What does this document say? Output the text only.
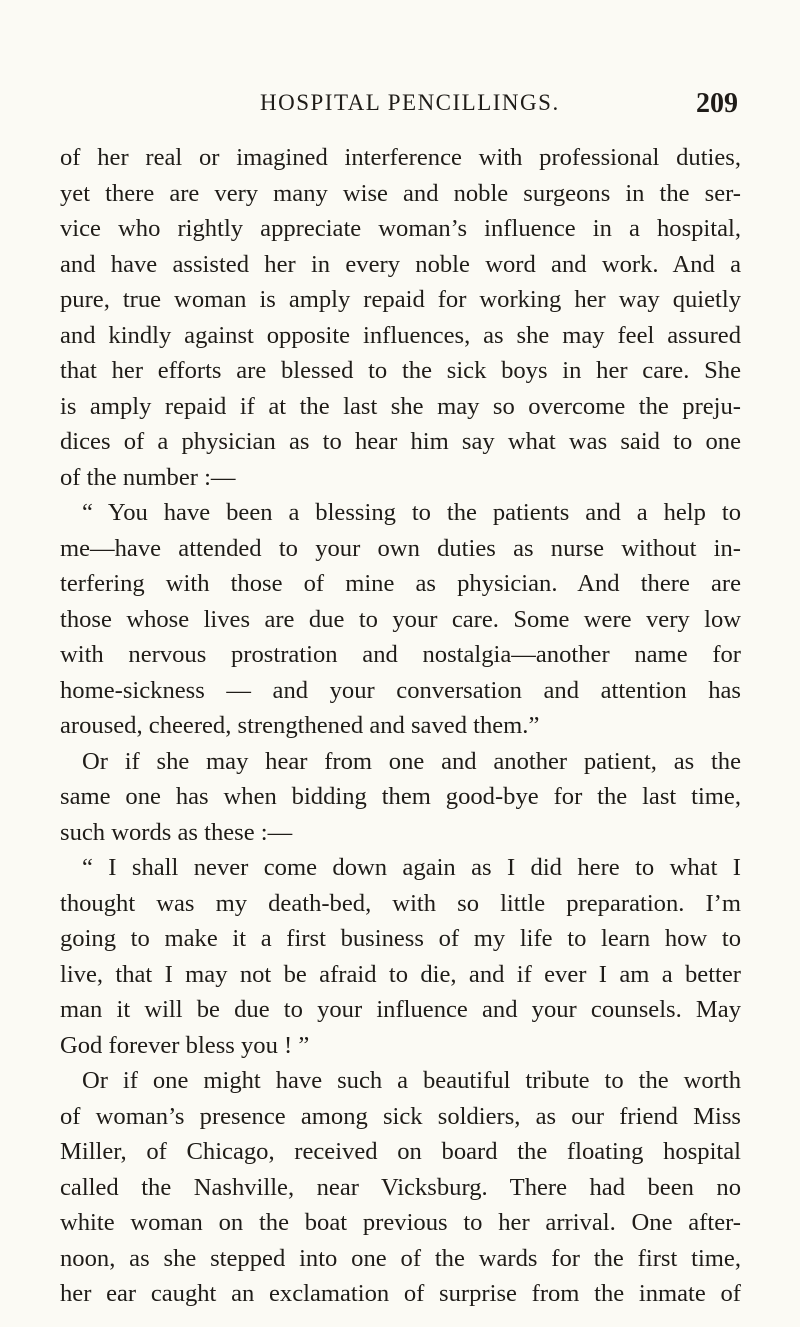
HOSPITAL PENCILLINGS.	209
of her real or imagined interference with professional duties,
yet there are very many wise and noble surgeons in the ser-
vice who rightly appreciate woman’s influence in a hospital,
and have assisted her in every noble word and work. And a
pure, true woman is amply repaid for working her way quietly
and kindly against opposite influences, as she may feel assured
that her efforts are blessed to the sick boys in her care. She
is amply repaid if at the last she may so overcome the preju-
dices of a physician as to hear him say what was said to one
of the number :—
“ You have been a blessing to the patients and a help to
me—have attended to your own duties as nurse without in-
terfering with those of mine as physician. And there are
those whose lives are due to your care. Some were very low
with nervous prostration and nostalgia—another name for
home-sickness — and your conversation and attention has
aroused, cheered, strengthened and saved them.”
Or if she may hear from one and another patient, as the
same one has when bidding them good-bye for the last time,
such words as these :—
“ I shall never come down again as I did here to what I
thought was my death-bed, with so little preparation. I’m
going to make it a first business of my life to learn how to
live, that I may not be afraid to die, and if ever I am a better
man it will be due to your influence and your counsels. May
God forever bless you ! ”
Or if one might have such a beautiful tribute to the worth
of woman’s presence among sick soldiers, as our friend Miss
Miller, of Chicago, received on board the floating hospital
called the Nashville, near Vicksburg. There had been no
white woman on the boat previous to her arrival. One after-
noon, as she stepped into one of the wards for the first time,
her ear caught an exclamation of surprise from the inmate of
